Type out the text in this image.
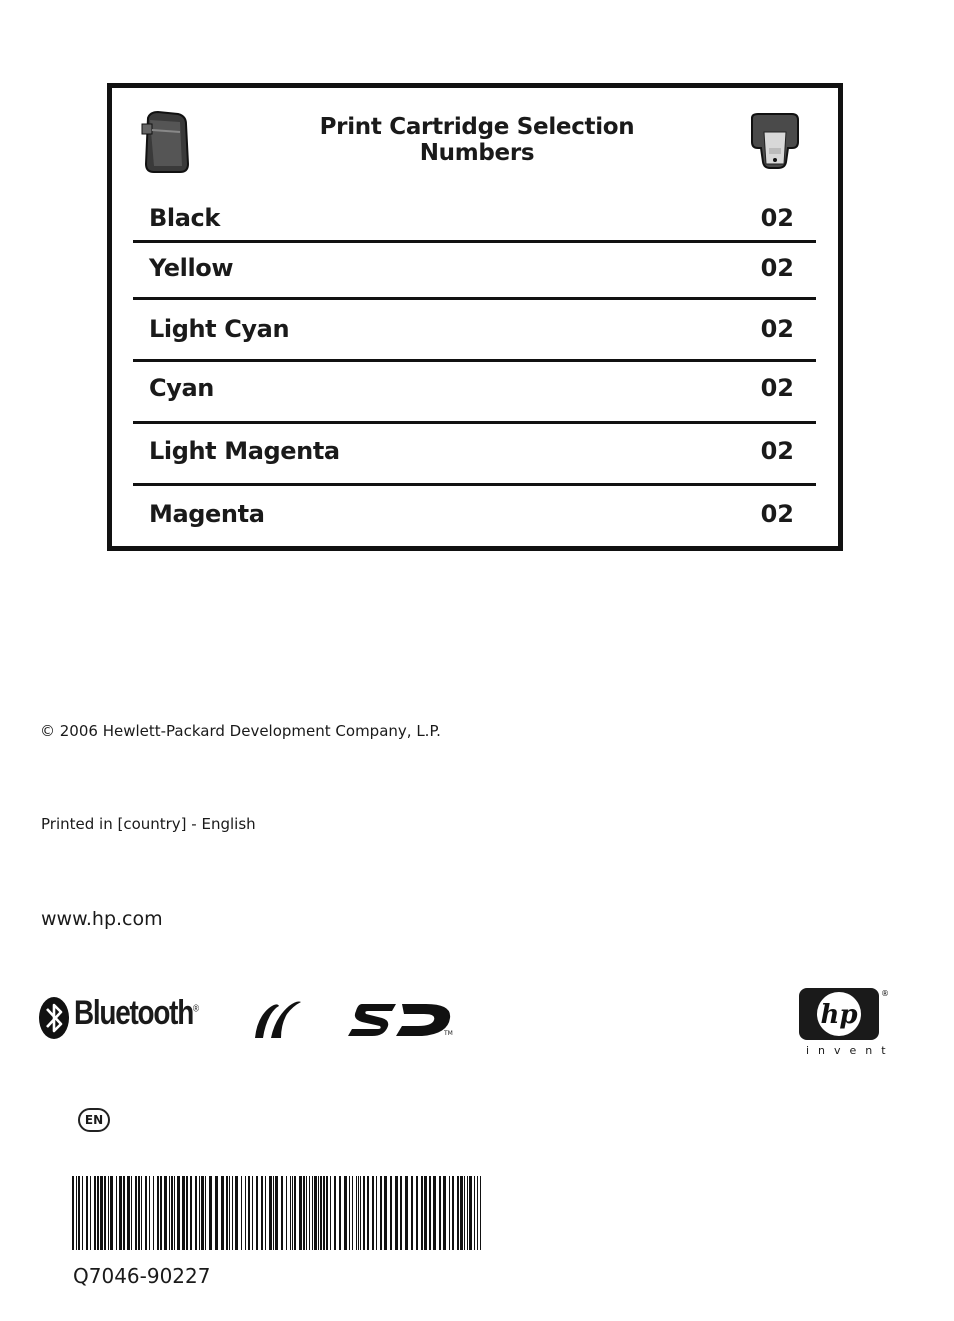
Print Cartridge Selection Numbers
Black	02
Yellow	02
Light Cyan	02
Cyan	02
Light Magenta	02
Magenta	02
© 2006 Hewlett-Packard Development Company, L.P.
Printed in [country] - English
www.hp.com
Bluetooth®
TM
hp
®
invent
EN
Q7046-90227
